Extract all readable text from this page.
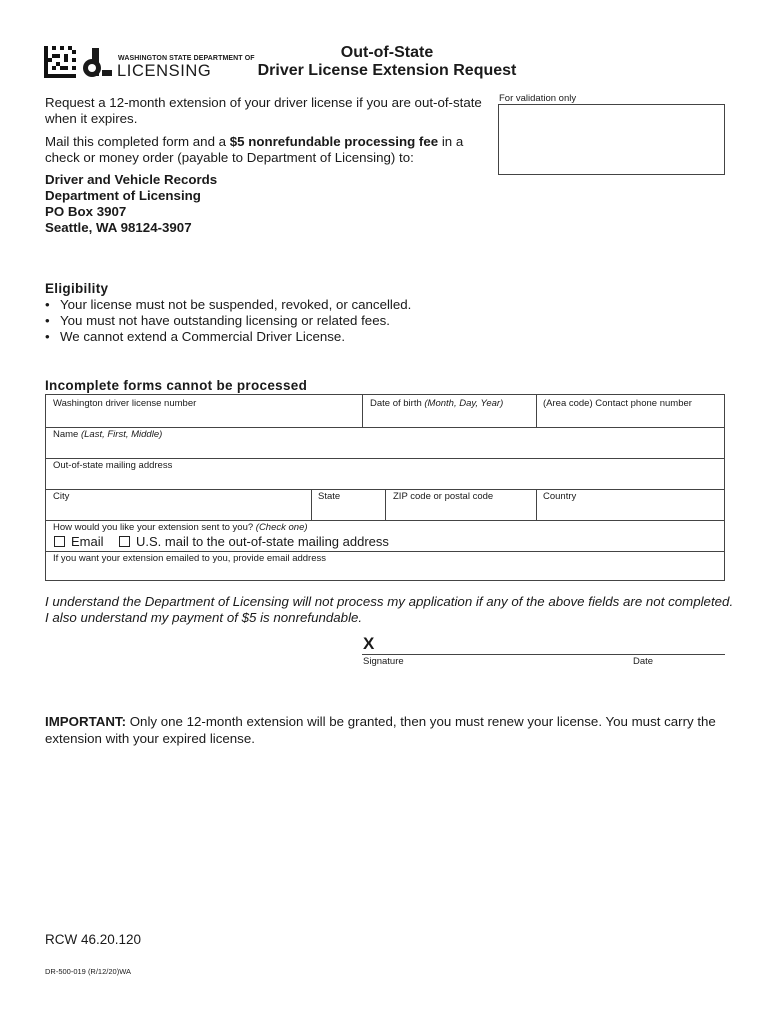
WASHINGTON STATE DEPARTMENT OF
LICENSING
Out-of-State
Driver License Extension Request
Request a 12-month extension of your driver license if you are out-of-state when it expires.
Mail this completed form and a $5 nonrefundable processing fee in a check or money order (payable to Department of Licensing) to:
Driver and Vehicle Records
Department of Licensing
PO Box 3907
Seattle, WA 98124-3907
For validation only
Eligibility
• Your license must not be suspended, revoked, or cancelled.
• You must not have outstanding licensing or related fees.
• We cannot extend a Commercial Driver License.
Incomplete forms cannot be processed
Washington driver license number	Date of birth (Month, Day, Year)	(Area code) Contact phone number
Name (Last, First, Middle)
Out-of-state mailing address
City	State	ZIP code or postal code	Country
How would you like your extension sent to you? (Check one)
Email U.S. mail to the out-of-state mailing address
If you want your extension emailed to you, provide email address
I understand the Department of Licensing will not process my application if any of the above fields are not completed. I also understand my payment of $5 is nonrefundable.
X
Signature	Date
IMPORTANT: Only one 12-month extension will be granted, then you must renew your license. You must carry the extension with your expired license.
RCW 46.20.120
DR-500-019 (R/12/20)WA
